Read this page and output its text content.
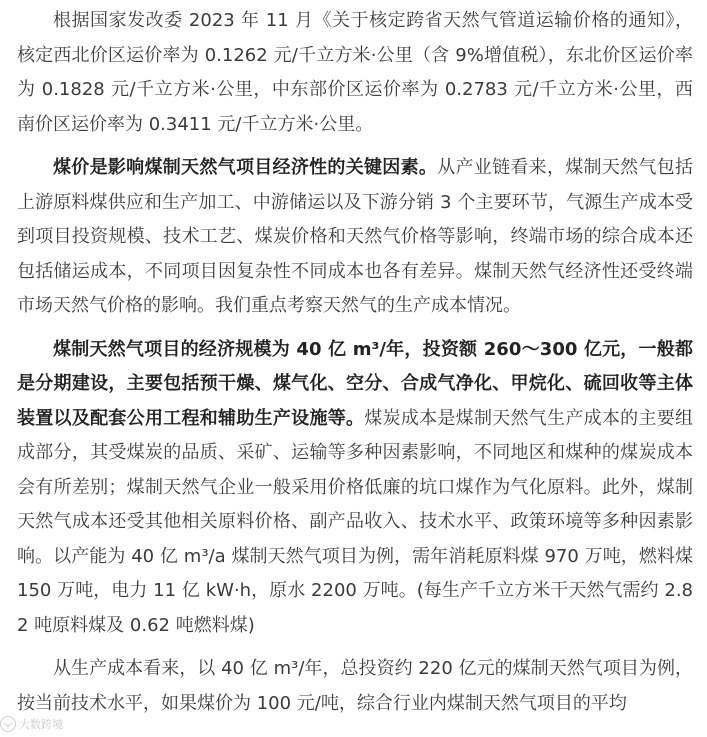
根据国家发改委 2023 年 11 月《关于核定跨省天然气管道运输价格的通知》，核定西北价区运价率为 0.1262 元/千立方米·公里（含 9%增值税），东北价区运价率为 0.1828 元/千立方米·公里，中东部价区运价率为 0.2783 元/千立方米·公里，西南价区运价率为 0.3411 元/千立方米·公里。

煤价是影响煤制天然气项目经济性的关键因素。从产业链看来，煤制天然气包括上游原料煤供应和生产加工、中游储运以及下游分销 3 个主要环节，气源生产成本受到项目投资规模、技术工艺、煤炭价格和天然气价格等影响，终端市场的综合成本还包括储运成本，不同项目因复杂性不同成本也各有差异。煤制天然气经济性还受终端市场天然气价格的影响。我们重点考察天然气的生产成本情况。

煤制天然气项目的经济规模为 40 亿 m³/年，投资额 260～300 亿元，一般都是分期建设，主要包括预干燥、煤气化、空分、合成气净化、甲烷化、硫回收等主体装置以及配套公用工程和辅助生产设施等。煤炭成本是煤制天然气生产成本的主要组成部分，其受煤炭的品质、采矿、运输等多种因素影响，不同地区和煤种的煤炭成本会有所差别；煤制天然气企业一般采用价格低廉的坑口煤作为气化原料。此外，煤制天然气成本还受其他相关原料价格、副产品收入、技术水平、政策环境等多种因素影响。以产能为 40 亿 m³/a 煤制天然气项目为例，需年消耗原料煤 970 万吨，燃料煤 150 万吨，电力 11 亿 kW·h，原水 2200 万吨。(每生产千立方米干天然气需约 2.82 吨原料煤及 0.62 吨燃料煤)

从生产成本看来，以 40 亿 m³/年，总投资约 220 亿元的煤制天然气项目为例，按当前技术水平，如果煤价为 100 元/吨，综合行业内煤制天然气项目的平均

大数跨境
